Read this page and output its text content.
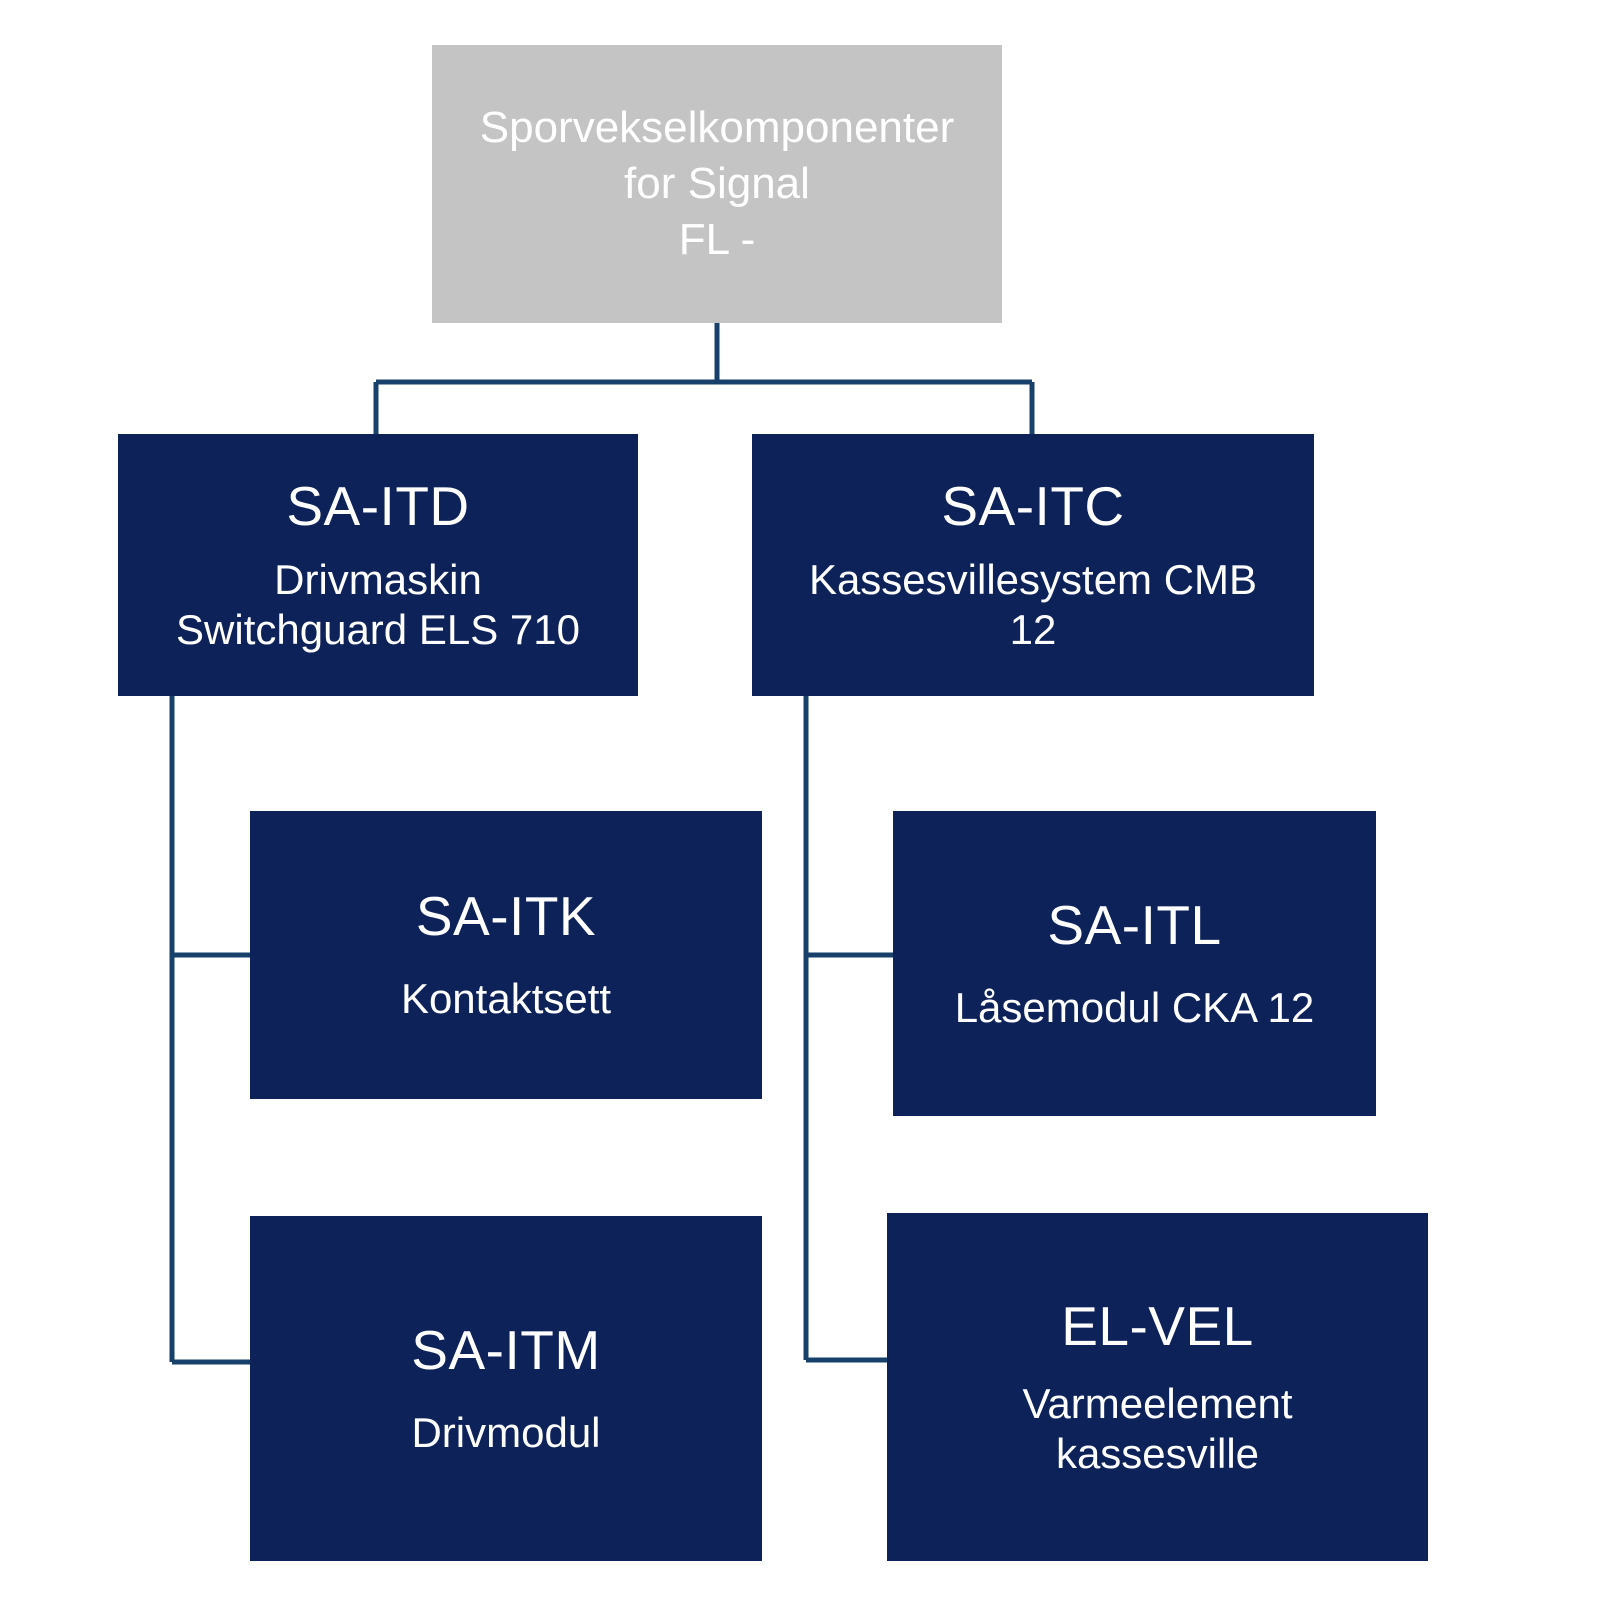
Sporvekselkomponenter
for Signal
FL -
SA-ITD
Drivmaskin
Switchguard ELS 710
SA-ITC
Kassesvillesystem CMB
12
SA-ITK
Kontaktsett
SA-ITL
Låsemodul CKA 12
SA-ITM
Drivmodul
EL-VEL
Varmeelement
kassesville
